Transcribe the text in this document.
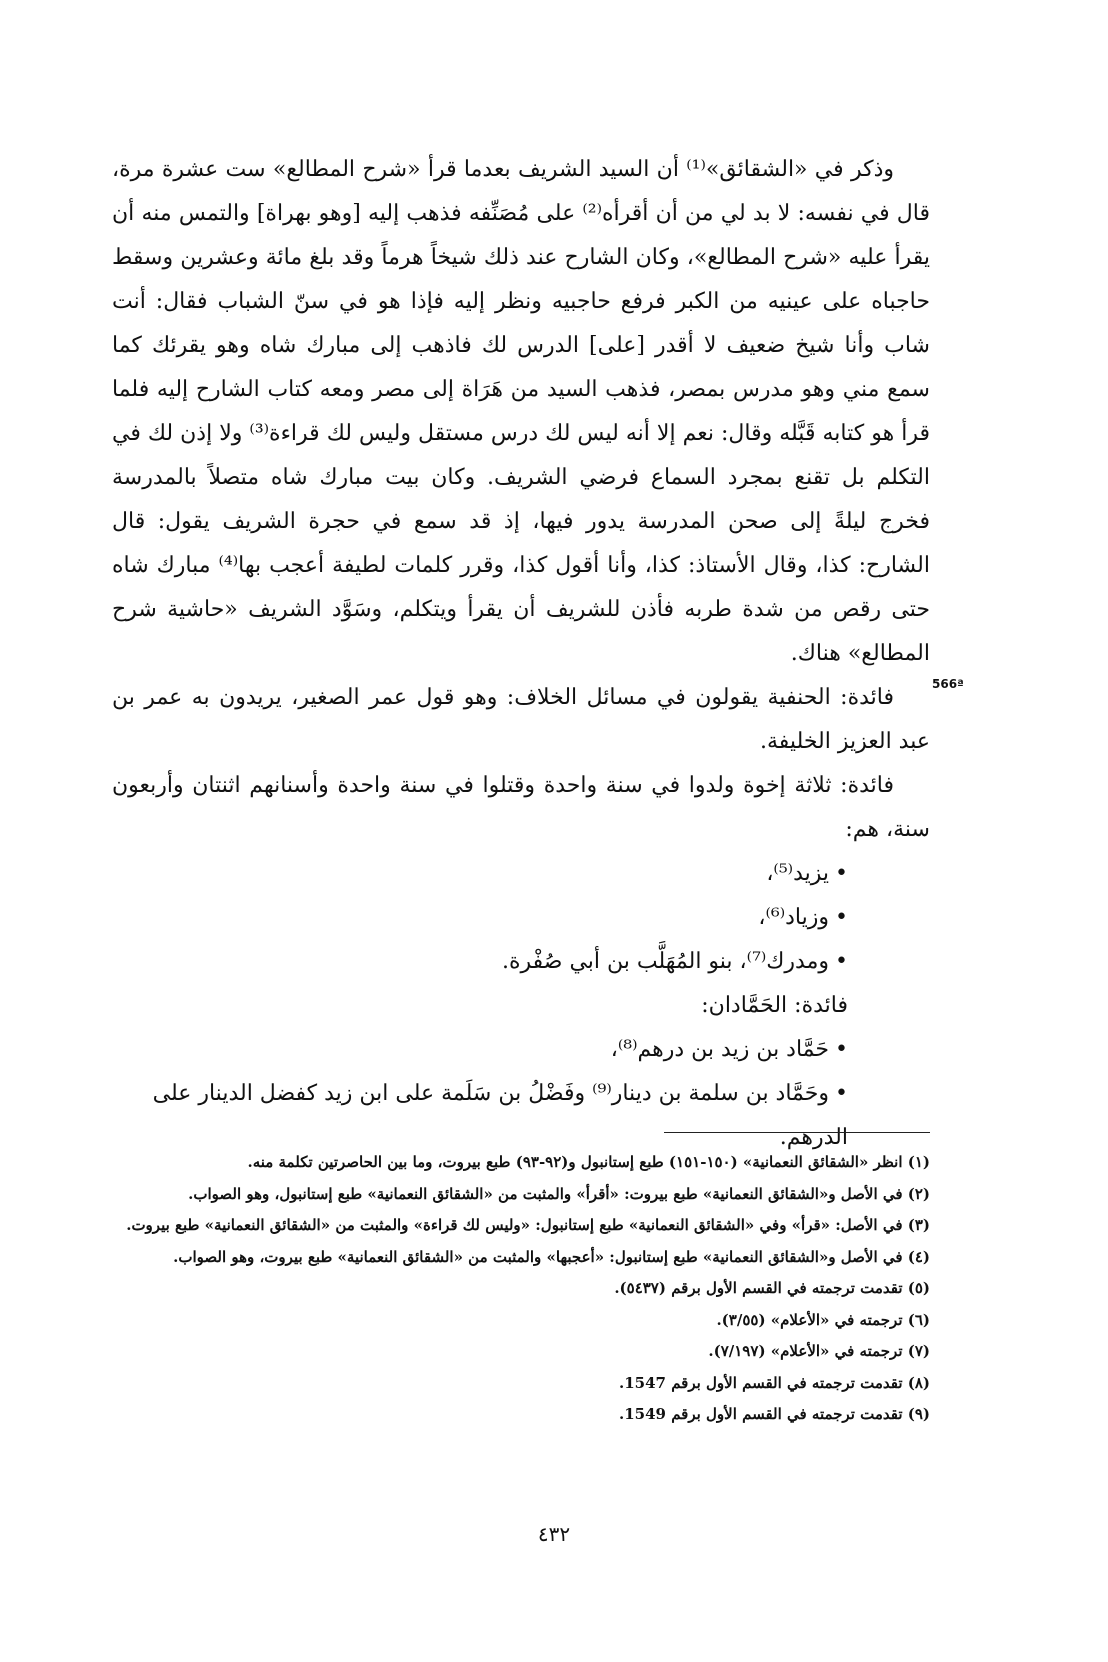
وذكر في «الشقائق»⁽¹⁾ أن السيد الشريف بعدما قرأ «شرح المطالع» ست عشرة مرة، قال في نفسه: لا بد لي من أن أقرأه⁽²⁾ على مُصَنِّفه فذهب إليه [وهو بهراة] والتمس منه أن يقرأ عليه «شرح المطالع»، وكان الشارح عند ذلك شيخاً هرماً وقد بلغ مائة وعشرين وسقط حاجباه على عينيه من الكبر فرفع حاجبيه ونظر إليه فإذا هو في سنّ الشباب فقال: أنت شاب وأنا شيخ ضعيف لا أقدر [على] الدرس لك فاذهب إلى مبارك شاه وهو يقرئك كما سمع مني وهو مدرس بمصر، فذهب السيد من هَرَاة إلى مصر ومعه كتاب الشارح إليه فلما قرأ هو كتابه قَبَّله وقال: نعم إلا أنه ليس لك درس مستقل وليس لك قراءة⁽³⁾ ولا إذن لك في التكلم بل تقنع بمجرد السماع فرضي الشريف. وكان بيت مبارك شاه متصلاً بالمدرسة فخرج ليلةً إلى صحن المدرسة يدور فيها، إذ قد سمع في حجرة الشريف يقول: قال الشارح: كذا، وقال الأستاذ: كذا، وأنا أقول كذا، وقرر كلمات لطيفة أعجب بها⁽⁴⁾ مبارك شاه حتى رقص من شدة طربه فأذن للشريف أن يقرأ ويتكلم، وسَوَّد الشريف «حاشية شرح المطالع» هناك.

فائدة: الحنفية يقولون في مسائل الخلاف: وهو قول عمر الصغير، يريدون به عمر بن عبد العزيز الخليفة.

فائدة: ثلاثة إخوة ولدوا في سنة واحدة وقتلوا في سنة واحدة وأسنانهم اثنتان وأربعون سنة، هم:

•يزيد⁽⁵⁾،
•وزياد⁽⁶⁾،
•ومدرك⁽⁷⁾، بنو المُهَلَّب بن أبي صُفْرة.
فائدة: الحَمَّادان:
•حَمَّاد بن زيد بن درهم⁽⁸⁾،
•وحَمَّاد بن سلمة بن دينار⁽⁹⁾ وفَضْلُ بن سَلَمة على ابن زيد كفضل الدينار على الدرهم.
566ª

(١) انظر «الشقائق النعمانية» (١٥٠-١٥١) طبع إستانبول و(٩٢-٩٣) طبع بيروت، وما بين الحاصرتين تكلمة منه.

(٢) في الأصل و«الشقائق النعمانية» طبع بيروت: «أقرأ» والمثبت من «الشقائق النعمانية» طبع إستانبول، وهو الصواب.

(٣) في الأصل: «قرأ» وفي «الشقائق النعمانية» طبع إستانبول: «وليس لك قراءة» والمثبت من «الشقائق النعمانية» طبع بيروت.

(٤) في الأصل و«الشقائق النعمانية» طبع إستانبول: «أعجبها» والمثبت من «الشقائق النعمانية» طبع بيروت، وهو الصواب.

(٥) تقدمت ترجمته في القسم الأول برقم (٥٤٣٧).

(٦) ترجمته في «الأعلام» (٣/٥٥).

(٧) ترجمته في «الأعلام» (٧/١٩٧).

(٨) تقدمت ترجمته في القسم الأول برقم 1547.

(٩) تقدمت ترجمته في القسم الأول برقم 1549.

٤٣٢
